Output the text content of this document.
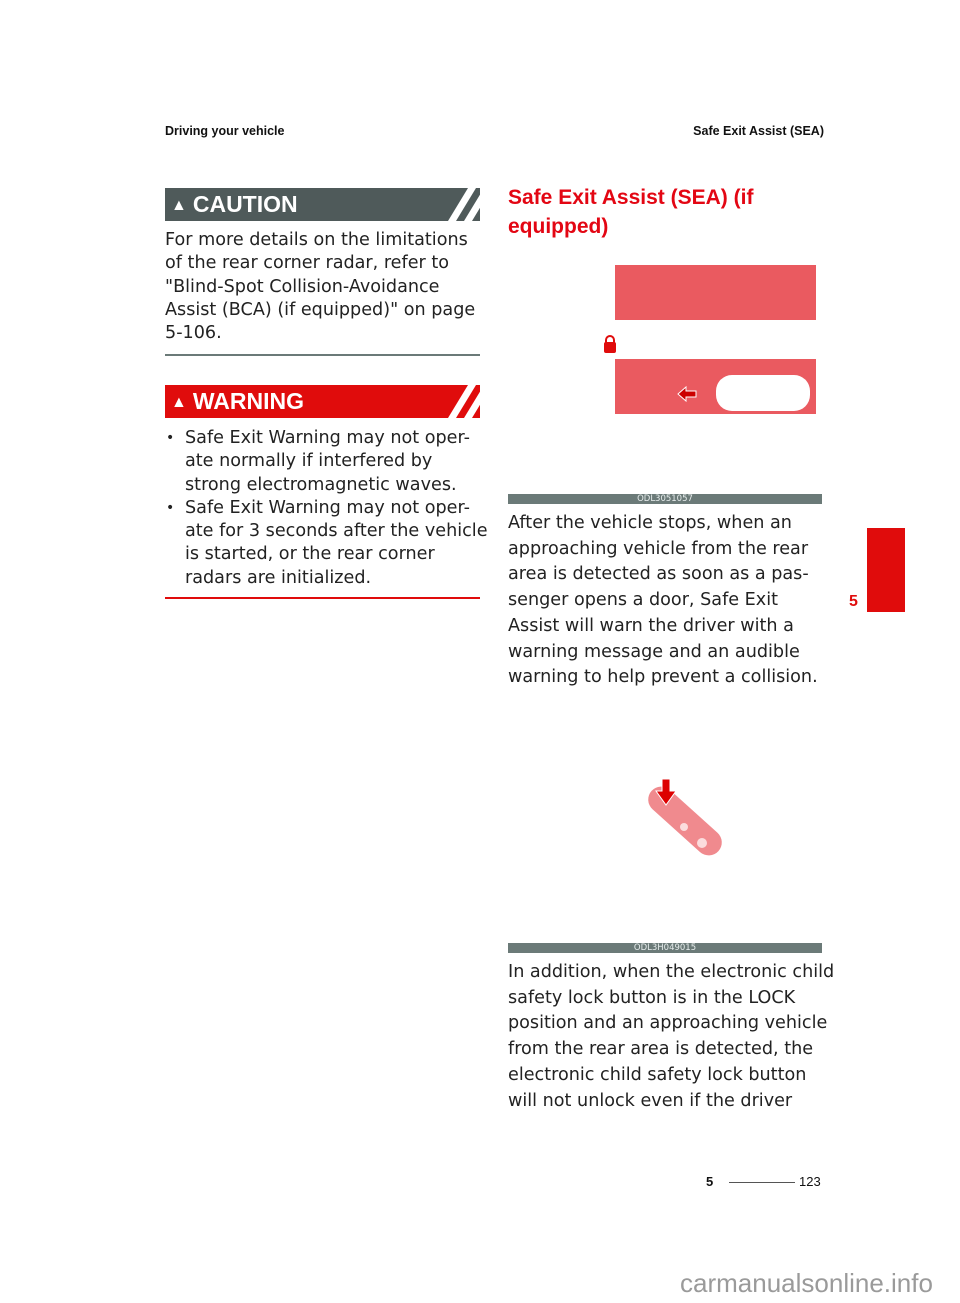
Driving your vehicle	Safe Exit Assist (SEA)
▲ CAUTION
For more details on the limitations
of the rear corner radar, refer to
"Blind-Spot Collision-Avoidance
Assist (BCA) (if equipped)" on page
5-106.
▲ WARNING
• Safe Exit Warning may not oper-
ate normally if interfered by
strong electromagnetic waves.
• Safe Exit Warning may not oper-
ate for 3 seconds after the vehicle
is started, or the rear corner
radars are initialized.
Safe Exit Assist (SEA) (if
equipped)
ODL3051057
After the vehicle stops, when an
approaching vehicle from the rear
area is detected as soon as a pas-
senger opens a door, Safe Exit
Assist will warn the driver with a
warning message and an audible
warning to help prevent a collision.
ODL3H049015
In addition, when the electronic child
safety lock button is in the LOCK
position and an approaching vehicle
from the rear area is detected, the
electronic child safety lock button
will not unlock even if the driver
5
5	123
carmanualsonline.info
